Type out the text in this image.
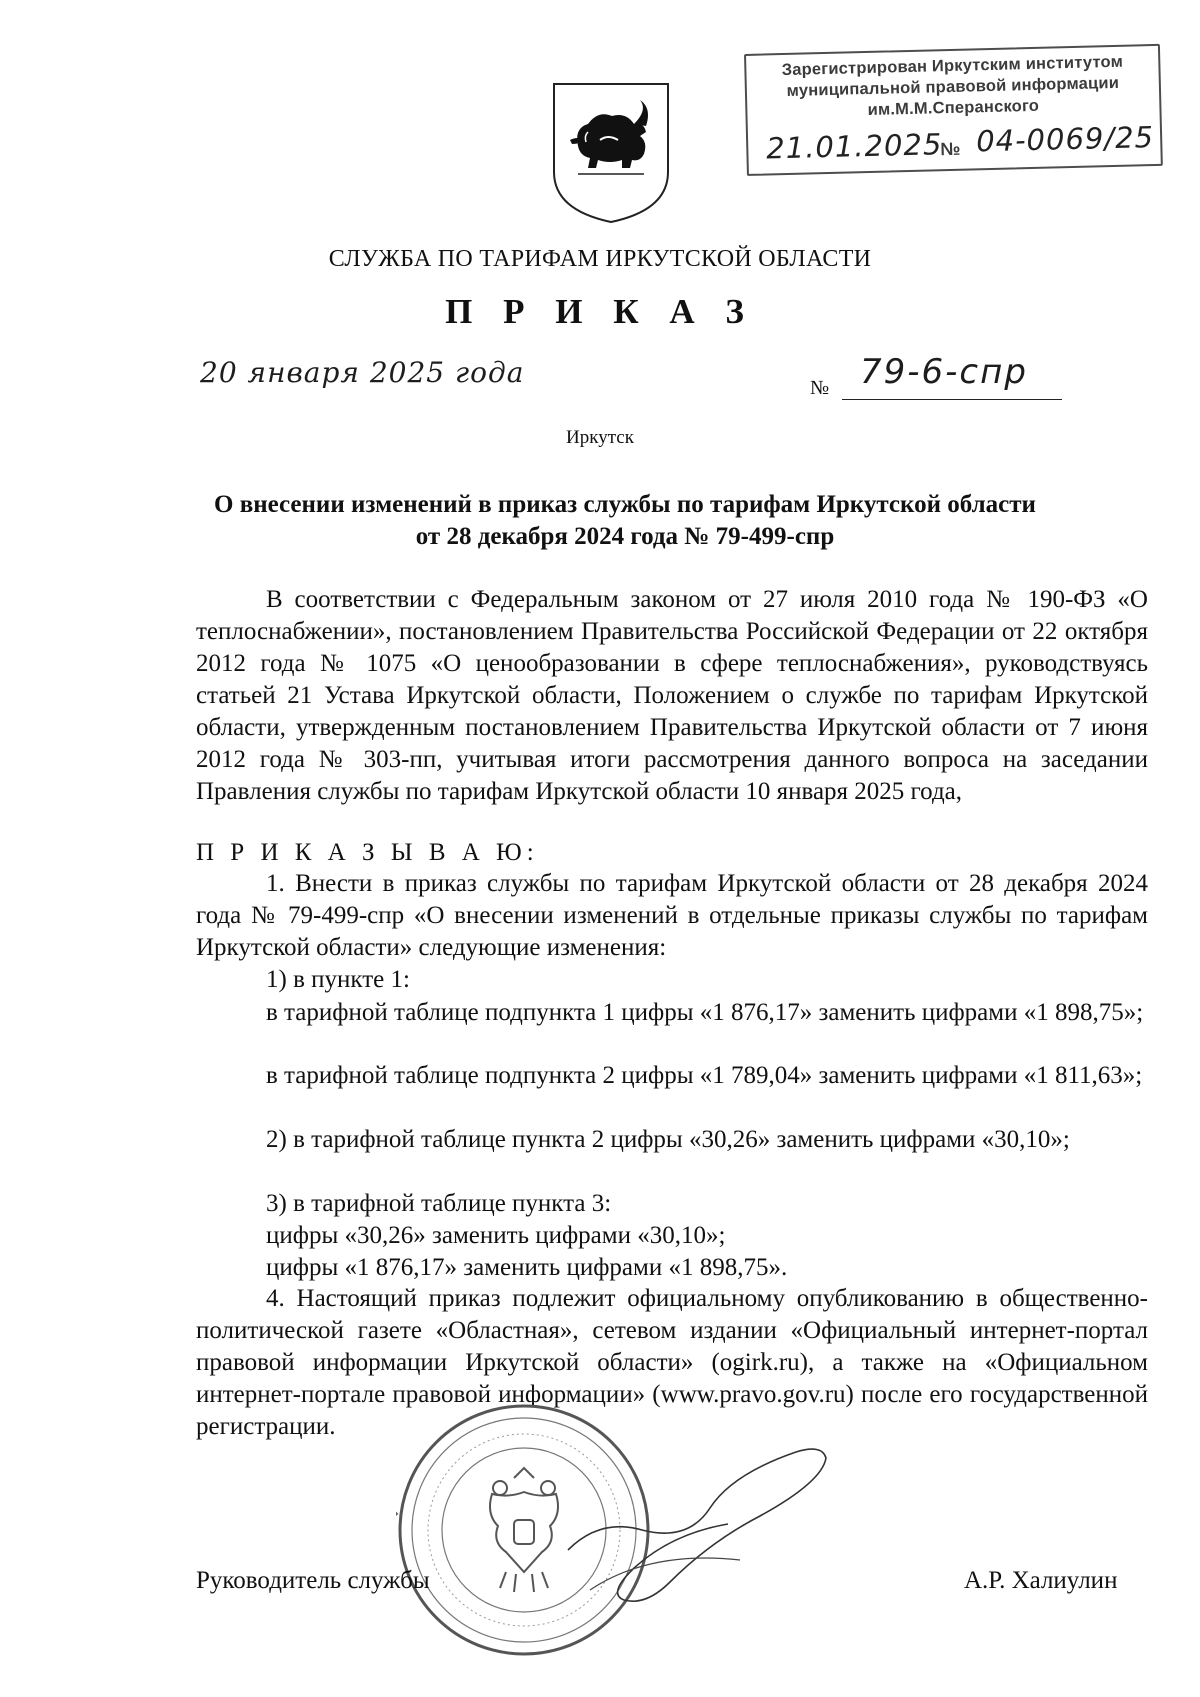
Зарегистрирован Иркутским институтом
муниципальной правовой информации
им.М.М.Сперанского
21.01.2025
№ 04-0069/25
СЛУЖБА ПО ТАРИФАМ ИРКУТСКОЙ ОБЛАСТИ
П Р И К А З
20 января 2025 года	№ 79-6-спр
Иркутск
О внесении изменений в приказ службы по тарифам Иркутской области
от 28 декабря 2024 года № 79-499-спр
В соответствии с Федеральным законом от 27 июля 2010 года № 190-ФЗ «О теплоснабжении», постановлением Правительства Российской Федерации от 22 октября 2012 года № 1075 «О ценообразовании в сфере теплоснабжения», руководствуясь статьей 21 Устава Иркутской области, Положением о службе по тарифам Иркутской области, утвержденным постановлением Правительства Иркутской области от 7 июня 2012 года № 303-пп, учитывая итоги рассмотрения данного вопроса на заседании Правления службы по тарифам Иркутской области 10 января 2025 года,
П Р И К А З Ы В А Ю:
1. Внести в приказ службы по тарифам Иркутской области от 28 декабря 2024 года № 79-499-спр «О внесении изменений в отдельные приказы службы по тарифам Иркутской области» следующие изменения:
1) в пункте 1:
в тарифной таблице подпункта 1 цифры «1 876,17» заменить цифрами «1 898,75»;
в тарифной таблице подпункта 2 цифры «1 789,04» заменить цифрами «1 811,63»;
2) в тарифной таблице пункта 2 цифры «30,26» заменить цифрами «30,10»;
3) в тарифной таблице пункта 3:
цифры «30,26» заменить цифрами «30,10»;
цифры «1 876,17» заменить цифрами «1 898,75».
4. Настоящий приказ подлежит официальному опубликованию в общественно-политической газете «Областная», сетевом издании «Официальный интернет-портал правовой информации Иркутской области» (ogirk.ru), а также на «Официальном интернет-портале правовой информации» (www.pravo.gov.ru) после его государственной регистрации.
Руководитель службы	А.Р. Халиулин
